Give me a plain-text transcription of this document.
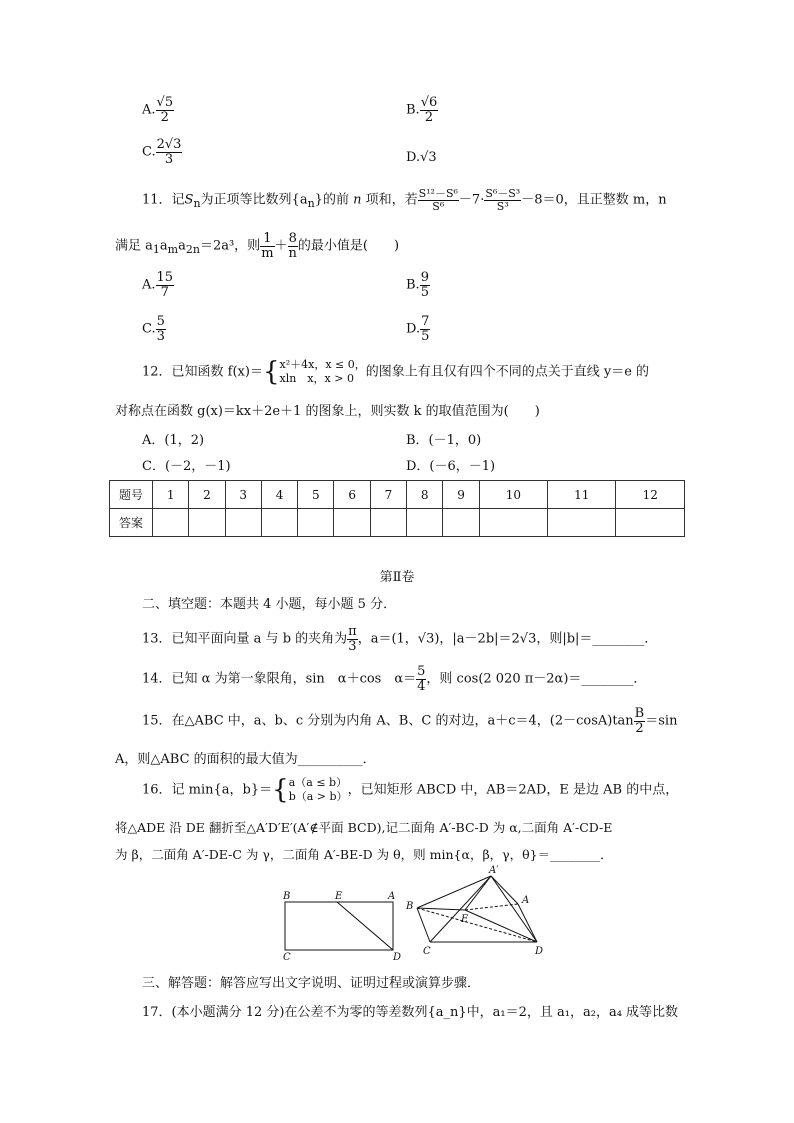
A. $\frac{√5}{2}$	B. $\frac{√6}{2}$
C. $\frac{2√3}{3}$	D.√3
11．记$S_n$为正项等比数列$\{a_n\}$的前 n 项和，若 $\frac{\text{S¹²－S⁶}}{\text{S⁶}} -7\cdot \frac{\text{S⁶－S³}}{\text{S³}} -8=0$，且正整数 m，n
满足 $a_1a_ma_{2n}=2a^3$，则 $\frac{1}{m} + \frac{8}{n}$ 的最小值是(　　)
A. $\frac{15}{7}$	B. $\frac{9}{5}$
C. $\frac{5}{3}$	D. $\frac{7}{5}$
12．已知函数 f(x)＝{x²＋4x，x ≤ 0，
xln　x，x > 0 的图象上有且仅有四个不同的点关于直线 y＝e 的
对称点在函数 g(x)＝kx＋2e＋1 的图象上，则实数 k 的取值范围为(　　)
A．(1，2)	B．(－1，0)
C．(－2，－1)	D．(－6，－1)
题号	1	2	3	4	5	6	7	8	9	10	11	12
答案												
第Ⅱ卷
二、填空题：本题共 4 小题，每小题 5 分．
13．已知平面向量 a 与 b 的夹角为 $\frac{\pi}{3}$ ，a＝(1，√3)，|a－2b|＝2√3，则|b|＝________．
14．已知 α 为第一象限角，sin　α＋cos　$\alpha= \frac{5}{4}$ ，则 cos(2 020 π－2α)＝________．
15．在△ABC 中，a、b、c 分别为内角 A、B、C 的对边，a＋c＝4，$(2-\cos A)\tan \frac{B}{2} =\sin$
A，则△ABC 的面积的最大值为__________．
16．记 min{a，b}＝{a（a ≤ b）
b（a > b），已知矩形 ABCD 中，AB＝2AD，E 是边 AB 的中点，
将△ADE 沿 DE 翻折至△A′D′E′(A′∉平面 BCD),记二面角 A′-BC-D 为 α,二面角 A′-CD-E
为 β，二面角 A′-DE-C 为 γ，二面角 A′-BE-D 为 θ，则 min{α，β，γ，θ}＝________．
B	E	A
C	D
A′
B
A
E
C	D
三、解答题：解答应写出文字说明、证明过程或演算步骤．
17．(本小题满分 12 分)在公差不为零的等差数列{a_n}中，a₁＝2，且 a₁，a₂，a₄ 成等比数
